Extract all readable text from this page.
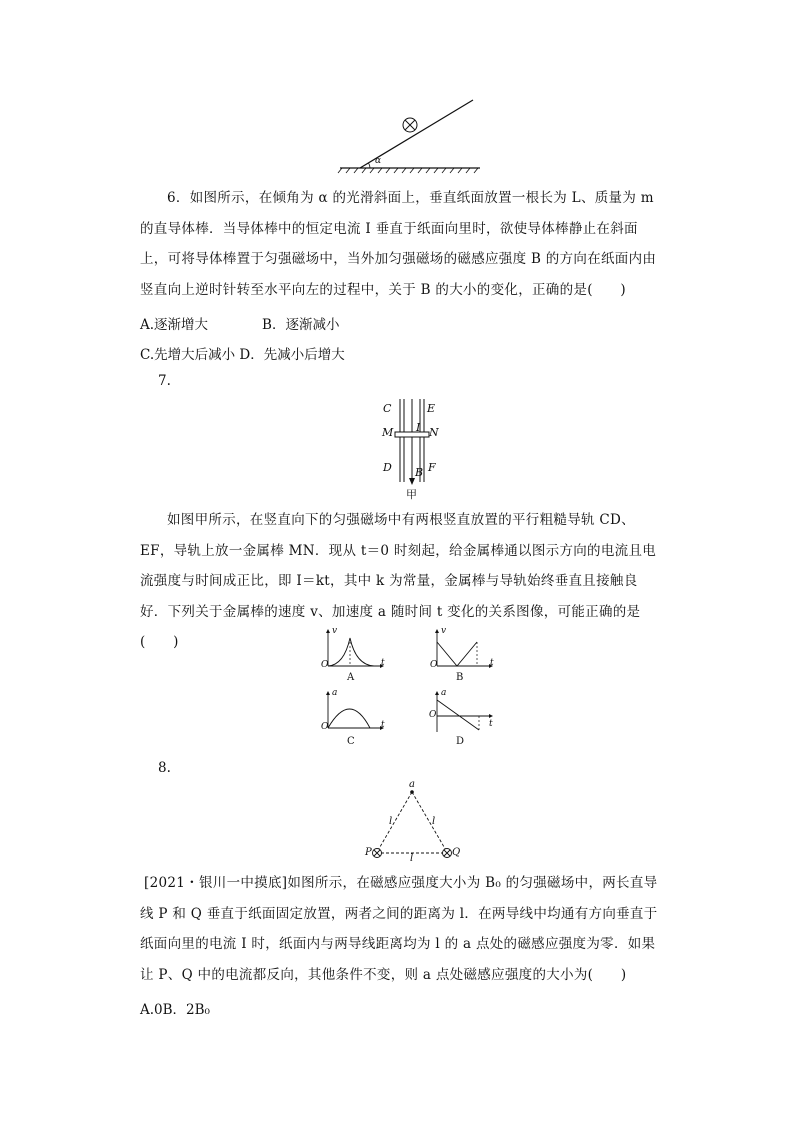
α
6．如图所示，在倾角为 α 的光滑斜面上，垂直纸面放置一根长为 L、质量为 m 的直导体棒．当导体棒中的恒定电流 I 垂直于纸面向里时，欲使导体棒静止在斜面上，可将导体棒置于匀强磁场中，当外加匀强磁场的磁感应强度 B 的方向在纸面内由竖直向上逆时针转至水平向左的过程中，关于 B 的大小的变化，正确的是(　　)
A.逐渐增大　　　　B．逐渐减小
C.先增大后减小 D．先减小后增大
7.
C	E
M I N
D	F
B
甲
如图甲所示，在竖直向下的匀强磁场中有两根竖直放置的平行粗糙导轨 CD、EF，导轨上放一金属棒 MN．现从 t＝0 时刻起，给金属棒通以图示方向的电流且电流强度与时间成正比，即 I＝kt，其中 k 为常量，金属棒与导轨始终垂直且接触良好．下列关于金属棒的速度 v、加速度 a 随时间 t 变化的关系图像，可能正确的是(　　)
v
t
O
A
v
t
O
B
a
t
O
C
a
t
O
D
8.
a
P	Q
l	l
l
[2021・银川一中摸底]如图所示，在磁感应强度大小为 B₀ 的匀强磁场中，两长直导线 P 和 Q 垂直于纸面固定放置，两者之间的距离为 l．在两导线中均通有方向垂直于纸面向里的电流 I 时，纸面内与两导线距离均为 l 的 a 点处的磁感应强度为零．如果让 P、Q 中的电流都反向，其他条件不变，则 a 点处磁感应强度的大小为(　　)
A.0B．2B₀
